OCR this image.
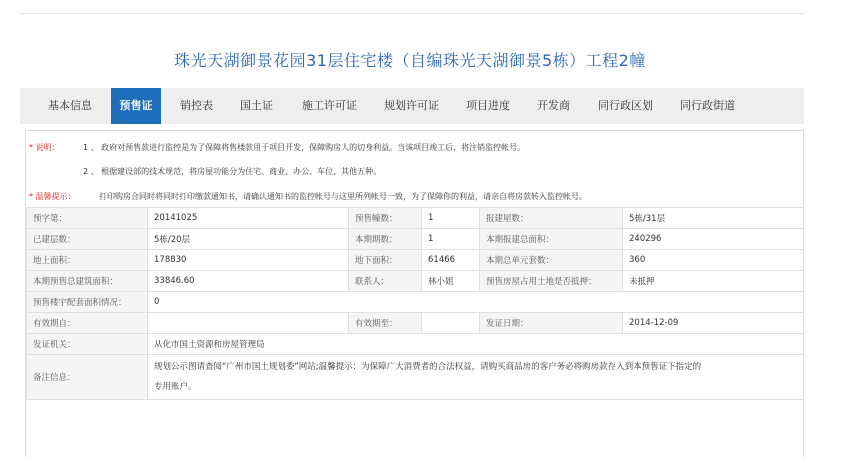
珠光天湖御景花园31层住宅楼（自编珠光天湖御景5栋）工程2幢
基本信息	预售证	销控表 国土证	施工许可证 规划许可证 项目进度 开发商	同行政区划 同行政街道
* 说明：	1 、 政府对预售款进行监控是为了保障将售楼款用于项目开发，保障购房人的切身利益。当该项目竣工后，将注销监控帐号。
2 、 根据建设部的技术规范，将房屋功能分为住宅、商业、办公、车位、其他五种。
* 温馨提示：	打印购房合同时将同时打印缴款通知书，请确认通知书的监控帐号与这里所列帐号一致，为了保障你的利益，请亲自将房款转入监控帐号。
预字第：	20141025	预售幢数：	1	报建屋数：	5栋/31层
已建层数：	5栋/20层	本期期数：	1	本期报建总面积：	240296
地上面积：	178830	地下面积：	61466	本期总单元套数：	360
本期预售总建筑面积：	33846.60	联系人：	林小姐	预售房屋占用土地是否抵押：	未抵押
预售楼宇配套面积情况：	0				
有效期自：		有效期至：		发证日期：	2014-12-09
发证机关：	从化市国土资源和房屋管理局				
备注信息：	规划公示图请查阅“广州市国土规划委”网站;温馨提示：为保障广大消费者的合法权益，请购买商品房的客户务必将购房款存入到本预售证下指定的
专用账户。				
